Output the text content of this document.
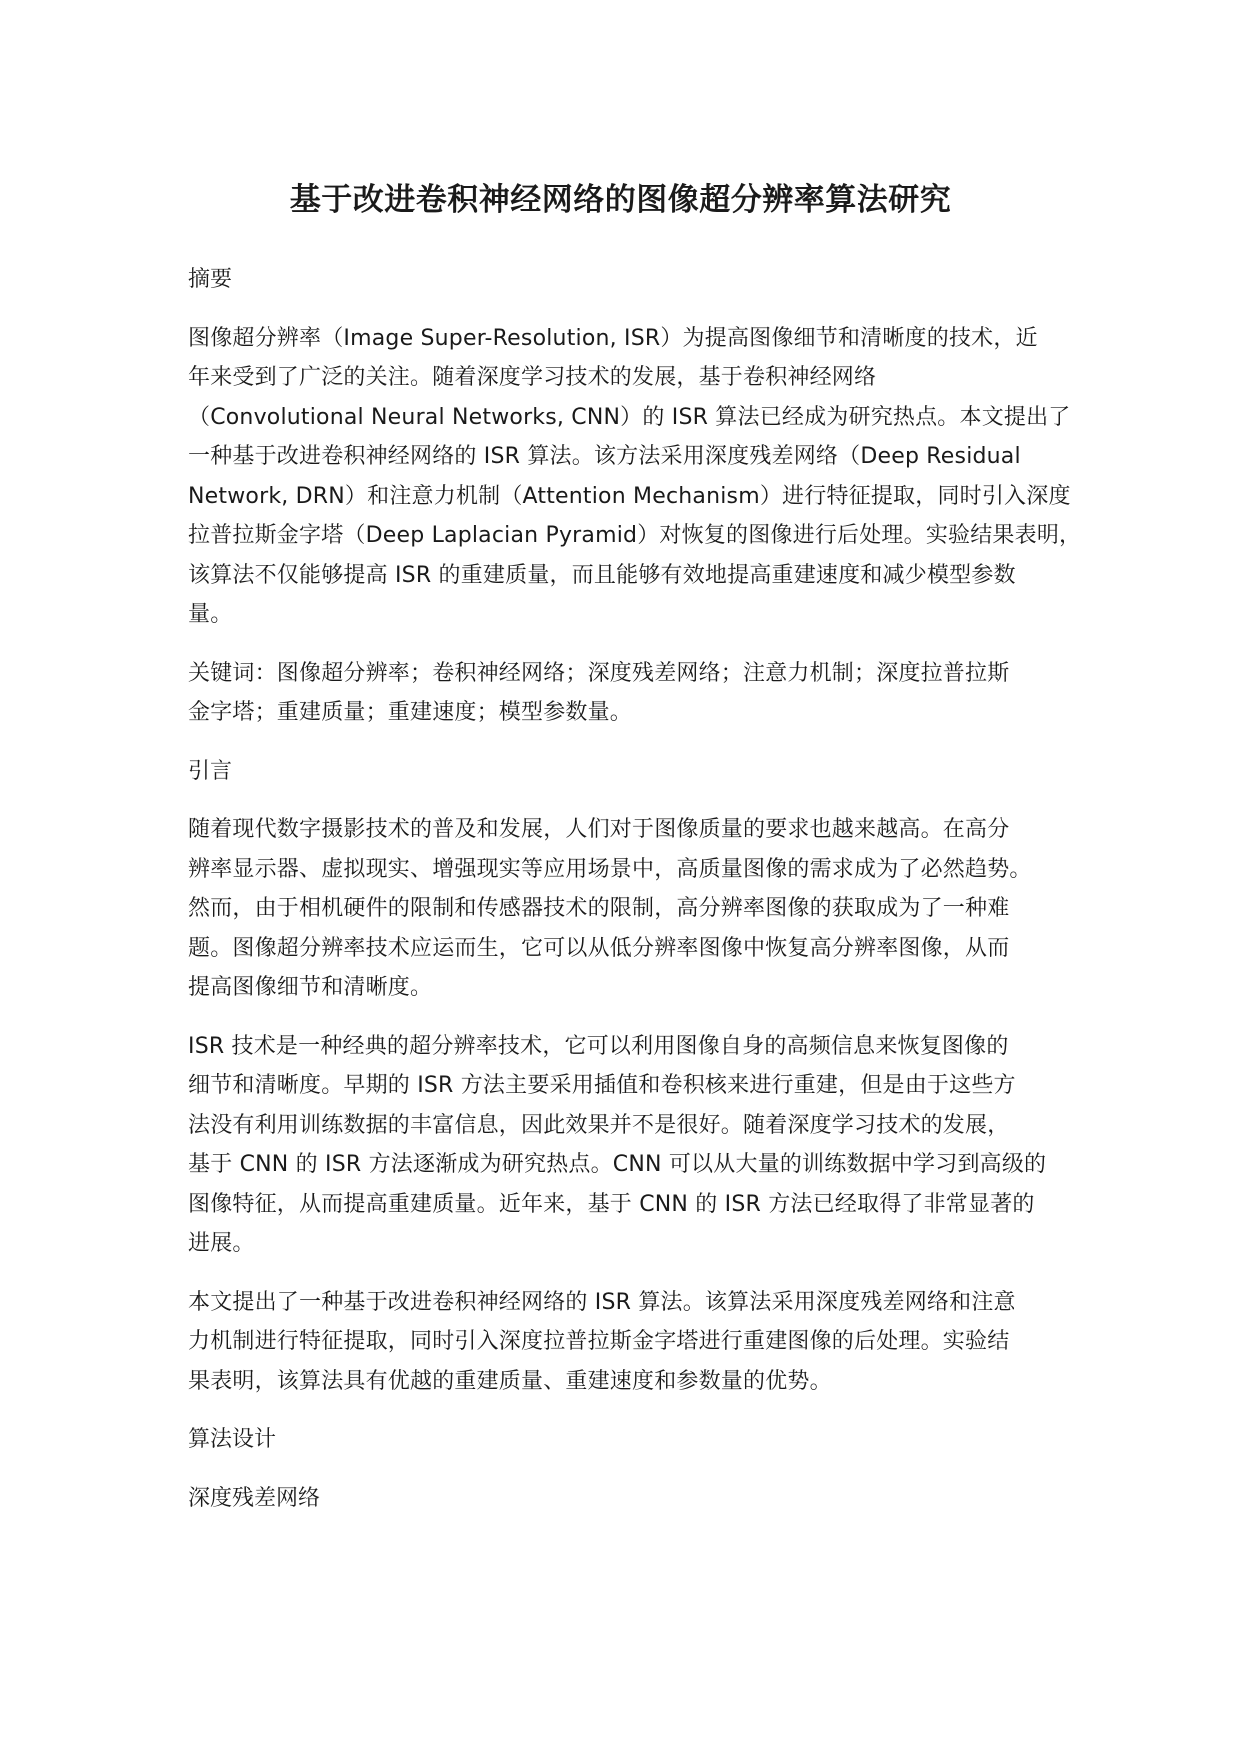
基于改进卷积神经网络的图像超分辨率算法研究

摘要

图像超分辨率（Image Super-Resolution, ISR）为提高图像细节和清晰度的技术，近
年来受到了广泛的关注。随着深度学习技术的发展，基于卷积神经网络
（Convolutional Neural Networks, CNN）的 ISR 算法已经成为研究热点。本文提出了
一种基于改进卷积神经网络的 ISR 算法。该方法采用深度残差网络（Deep Residual
Network, DRN）和注意力机制（Attention Mechanism）进行特征提取，同时引入深度
拉普拉斯金字塔（Deep Laplacian Pyramid）对恢复的图像进行后处理。实验结果表明，
该算法不仅能够提高 ISR 的重建质量，而且能够有效地提高重建速度和减少模型参数
量。

关键词：图像超分辨率；卷积神经网络；深度残差网络；注意力机制；深度拉普拉斯
金字塔；重建质量；重建速度；模型参数量。

引言

随着现代数字摄影技术的普及和发展，人们对于图像质量的要求也越来越高。在高分
辨率显示器、虚拟现实、增强现实等应用场景中，高质量图像的需求成为了必然趋势。
然而，由于相机硬件的限制和传感器技术的限制，高分辨率图像的获取成为了一种难
题。图像超分辨率技术应运而生，它可以从低分辨率图像中恢复高分辨率图像，从而
提高图像细节和清晰度。

ISR 技术是一种经典的超分辨率技术，它可以利用图像自身的高频信息来恢复图像的
细节和清晰度。早期的 ISR 方法主要采用插值和卷积核来进行重建，但是由于这些方
法没有利用训练数据的丰富信息，因此效果并不是很好。随着深度学习技术的发展，
基于 CNN 的 ISR 方法逐渐成为研究热点。CNN 可以从大量的训练数据中学习到高级的
图像特征，从而提高重建质量。近年来，基于 CNN 的 ISR 方法已经取得了非常显著的
进展。

本文提出了一种基于改进卷积神经网络的 ISR 算法。该算法采用深度残差网络和注意
力机制进行特征提取，同时引入深度拉普拉斯金字塔进行重建图像的后处理。实验结
果表明，该算法具有优越的重建质量、重建速度和参数量的优势。

算法设计

深度残差网络
